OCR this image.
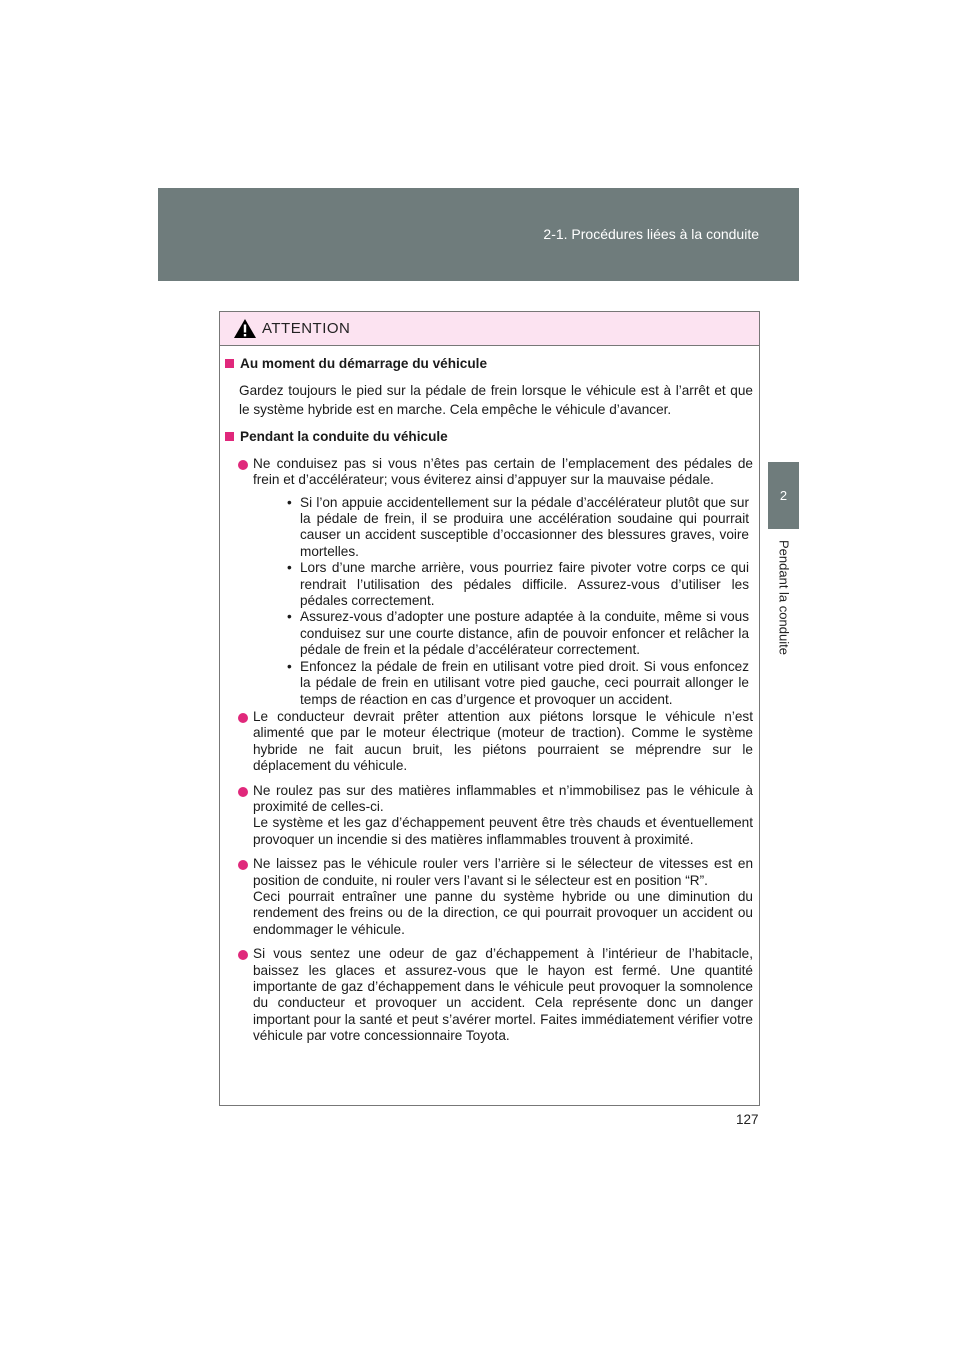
2-1. Procédures liées à la conduite
2
Pendant la conduite
ATTENTION
Au moment du démarrage du véhicule
Gardez toujours le pied sur la pédale de frein lorsque le véhicule est à l’arrêt et que le système hybride est en marche. Cela empêche le véhicule d’avancer.
Pendant la conduite du véhicule
Ne conduisez pas si vous n’êtes pas certain de l’emplacement des pédales de frein et d’accélérateur; vous éviterez ainsi d’appuyer sur la mauvaise pédale.
• Si l’on appuie accidentellement sur la pédale d’accélérateur plutôt que sur la pédale de frein, il se produira une accélération soudaine qui pourrait causer un accident susceptible d’occasionner des blessures graves, voire mortelles.
• Lors d’une marche arrière, vous pourriez faire pivoter votre corps ce qui rendrait l’utilisation des pédales difficile. Assurez-vous d’utiliser les pédales correctement.
• Assurez-vous d’adopter une posture adaptée à la conduite, même si vous conduisez sur une courte distance, afin de pouvoir enfoncer et relâcher la pédale de frein et la pédale d’accélérateur correctement.
• Enfoncez la pédale de frein en utilisant votre pied droit. Si vous enfoncez la pédale de frein en utilisant votre pied gauche, ceci pourrait allonger le temps de réaction en cas d’urgence et provoquer un accident.
Le conducteur devrait prêter attention aux piétons lorsque le véhicule n’est alimenté que par le moteur électrique (moteur de traction). Comme le système hybride ne fait aucun bruit, les piétons pourraient se méprendre sur le déplacement du véhicule.
Ne roulez pas sur des matières inflammables et n’immobilisez pas le véhicule à proximité de celles-ci.
Le système et les gaz d’échappement peuvent être très chauds et éventuellement provoquer un incendie si des matières inflammables trouvent à proximité.
Ne laissez pas le véhicule rouler vers l’arrière si le sélecteur de vitesses est en position de conduite, ni rouler vers l’avant si le sélecteur est en position “R”.
Ceci pourrait entraîner une panne du système hybride ou une diminution du rendement des freins ou de la direction, ce qui pourrait provoquer un accident ou endommager le véhicule.
Si vous sentez une odeur de gaz d’échappement à l’intérieur de l’habitacle, baissez les glaces et assurez-vous que le hayon est fermé. Une quantité importante de gaz d’échappement dans le véhicule peut provoquer la somnolence du conducteur et provoquer un accident. Cela représente donc un danger important pour la santé et peut s’avérer mortel. Faites immédiatement vérifier votre véhicule par votre concessionnaire Toyota.
127
